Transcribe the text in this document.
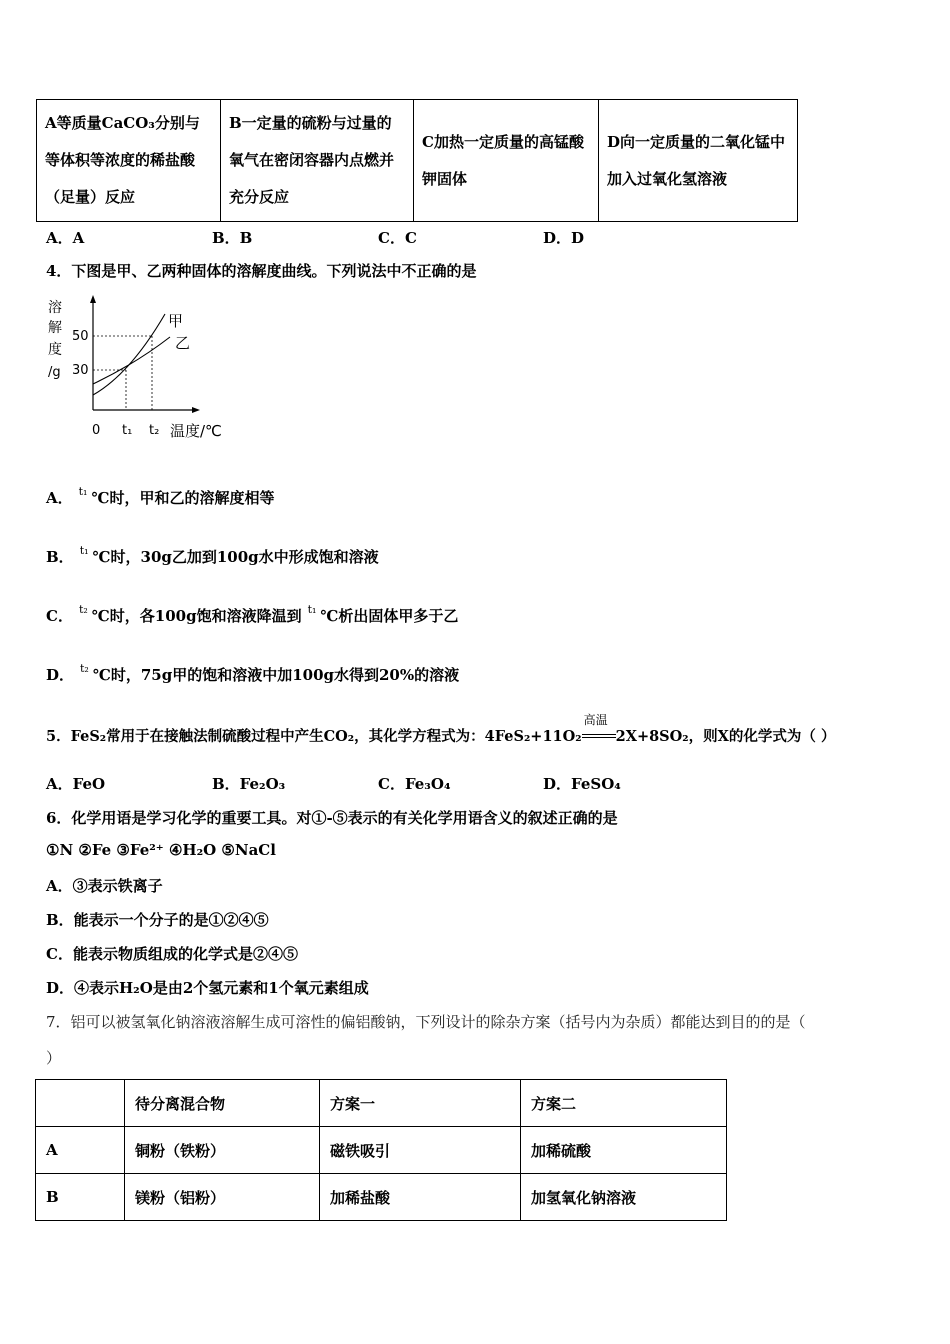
A等质量CaCO₃分别与等体积等浓度的稀盐酸（足量）反应	B一定量的硫粉与过量的氧气在密闭容器内点燃并充分反应	C加热一定质量的高锰酸钾固体	D向一定质量的二氧化锰中加入过氧化氢溶液
A．A	B．B	C．C	D．D
4．下图是甲、乙两种固体的溶解度曲线。下列说法中不正确的是
溶
解
度
/g
50
30
0 t₁ t₂ 温度/℃
甲
乙
A． $^{t_1}$ ℃时，甲和乙的溶解度相等
B． $^{t_1}$ ℃时，30g乙加到100g水中形成饱和溶液
C． $^{t_2}$ ℃时，各100g饱和溶液降温到 $^{t_1}$ ℃析出固体甲多于乙
D． $^{t_2}$ ℃时，75g甲的饱和溶液中加100g水得到20%的溶液
5．FeS₂常用于在接触法制硫酸过程中产生CO₂，其化学方程式为：4FeS₂+11O₂
高温
2X+8SO₂，则X的化学式为（ ）
A．FeO	B．Fe₂O₃	C．Fe₃O₄	D．FeSO₄
6．化学用语是学习化学的重要工具。对①-⑤表示的有关化学用语含义的叙述正确的是
①N ②Fe ③Fe²⁺ ④H₂O ⑤NaCl
A．③表示铁离子
B．能表示一个分子的是①②④⑤
C．能表示物质组成的化学式是②④⑤
D．④表示H₂O是由2个氢元素和1个氧元素组成
7．铝可以被氢氧化钠溶液溶解生成可溶性的偏铝酸钠，下列设计的除杂方案（括号内为杂质）都能达到目的的是（
）
	待分离混合物	方案一	方案二
A	铜粉（铁粉）	磁铁吸引	加稀硫酸
B	镁粉（铝粉）	加稀盐酸	加氢氧化钠溶液
